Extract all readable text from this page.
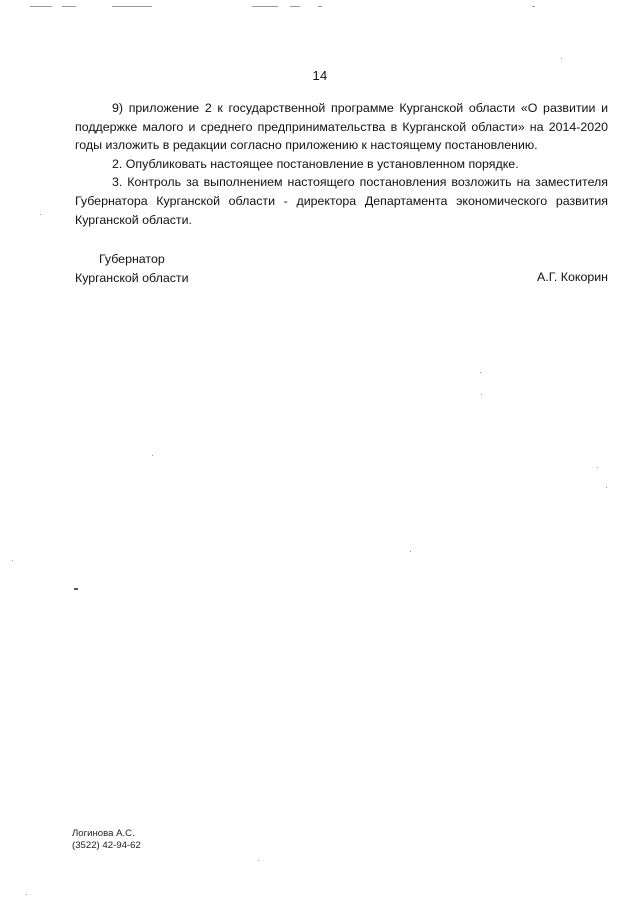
14

9) приложение 2 к государственной программе Курганской области «О развитии и поддержке малого и среднего предпринимательства в Курганской области» на 2014-2020 годы изложить в редакции согласно приложению к настоящему постановлению.

2. Опубликовать настоящее постановление в установленном порядке.

3. Контроль за выполнением настоящего постановления возложить на заместителя Губернатора Курганской области - директора Департамента экономического развития Курганской области.

Губернатор
Курганской области	А.Г. Кокорин
Логинова А.С.
(3522) 42-94-62
